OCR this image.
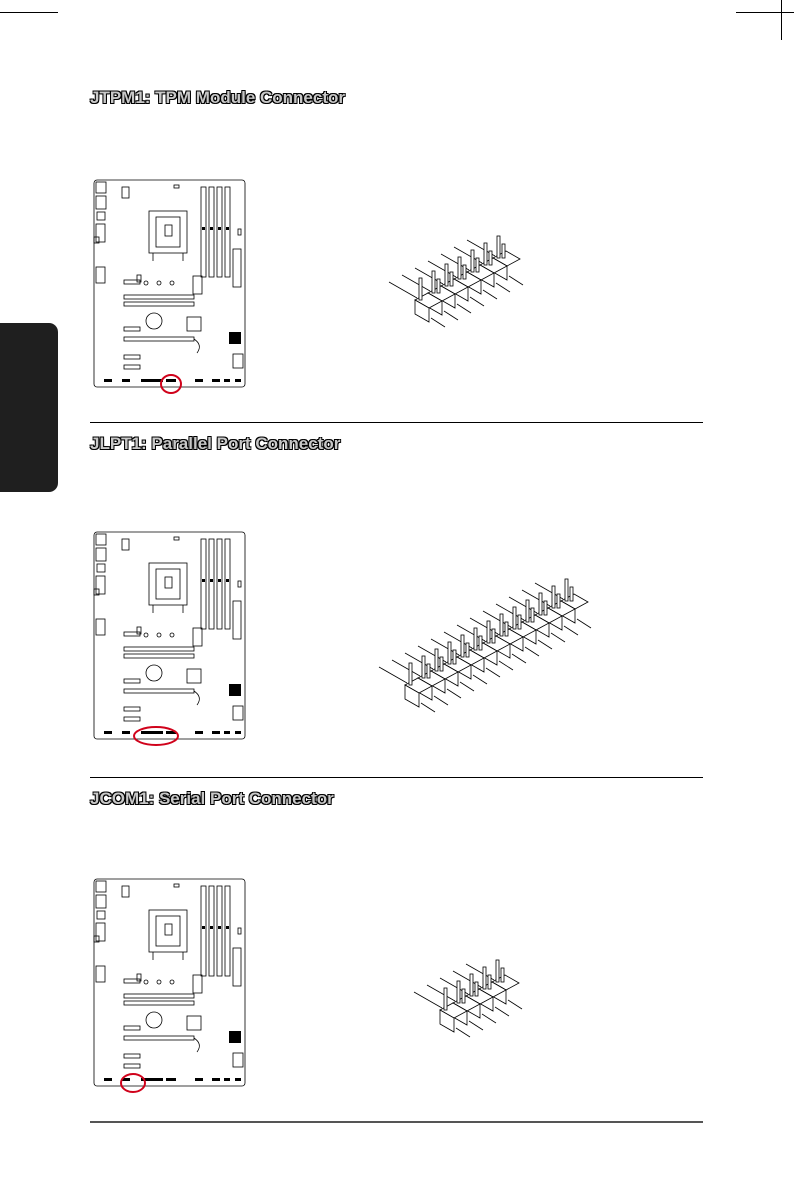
JTPM1: TPM Module Connector
JLPT1: Parallel Port Connector
JCOM1: Serial Port Connector
